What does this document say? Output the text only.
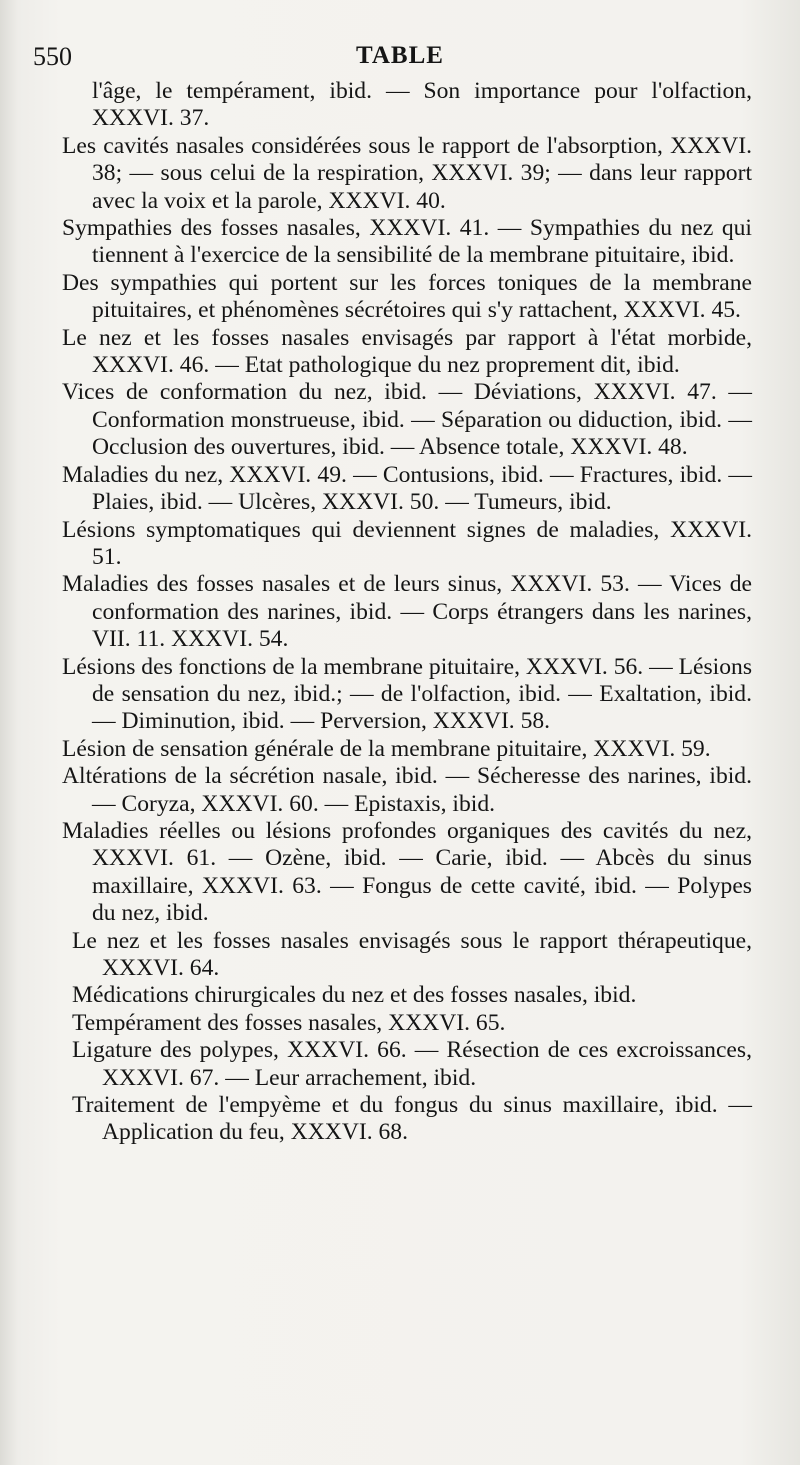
550	TABLE
l'âge, le tempérament, ibid. — Son importance pour l'olfaction, XXXVI. 37.
Les cavités nasales considérées sous le rapport de l'absorption, XXXVI. 38; — sous celui de la respiration, XXXVI. 39; — dans leur rapport avec la voix et la parole, XXXVI. 40.
Sympathies des fosses nasales, XXXVI. 41. — Sympathies du nez qui tiennent à l'exercice de la sensibilité de la membrane pituitaire, ibid.
Des sympathies qui portent sur les forces toniques de la membrane pituitaires, et phénomènes sécrétoires qui s'y rattachent, XXXVI. 45.
Le nez et les fosses nasales envisagés par rapport à l'état morbide, XXXVI. 46. — Etat pathologique du nez proprement dit, ibid.
Vices de conformation du nez, ibid. — Déviations, XXXVI. 47. — Conformation monstrueuse, ibid. — Séparation ou diduction, ibid. — Occlusion des ouvertures, ibid. — Absence totale, XXXVI. 48.
Maladies du nez, XXXVI. 49. — Contusions, ibid. — Fractures, ibid. — Plaies, ibid. — Ulcères, XXXVI. 50. — Tumeurs, ibid.
Lésions symptomatiques qui deviennent signes de maladies, XXXVI. 51.
Maladies des fosses nasales et de leurs sinus, XXXVI. 53. — Vices de conformation des narines, ibid. — Corps étrangers dans les narines, VII. 11. XXXVI. 54.
Lésions des fonctions de la membrane pituitaire, XXXVI. 56. — Lésions de sensation du nez, ibid.; — de l'olfaction, ibid. — Exaltation, ibid. — Diminution, ibid. — Perversion, XXXVI. 58.
Lésion de sensation générale de la membrane pituitaire, XXXVI. 59.
Altérations de la sécrétion nasale, ibid. — Sécheresse des narines, ibid. — Coryza, XXXVI. 60. — Epistaxis, ibid.
Maladies réelles ou lésions profondes organiques des cavités du nez, XXXVI. 61. — Ozène, ibid. — Carie, ibid. — Abcès du sinus maxillaire, XXXVI. 63. — Fongus de cette cavité, ibid. — Polypes du nez, ibid.
Le nez et les fosses nasales envisagés sous le rapport thérapeutique, XXXVI. 64.
Médications chirurgicales du nez et des fosses nasales, ibid.
Tempérament des fosses nasales, XXXVI. 65.
Ligature des polypes, XXXVI. 66. — Résection de ces excroissances, XXXVI. 67. — Leur arrachement, ibid.
Traitement de l'empyème et du fongus du sinus maxillaire, ibid. — Application du feu, XXXVI. 68.
